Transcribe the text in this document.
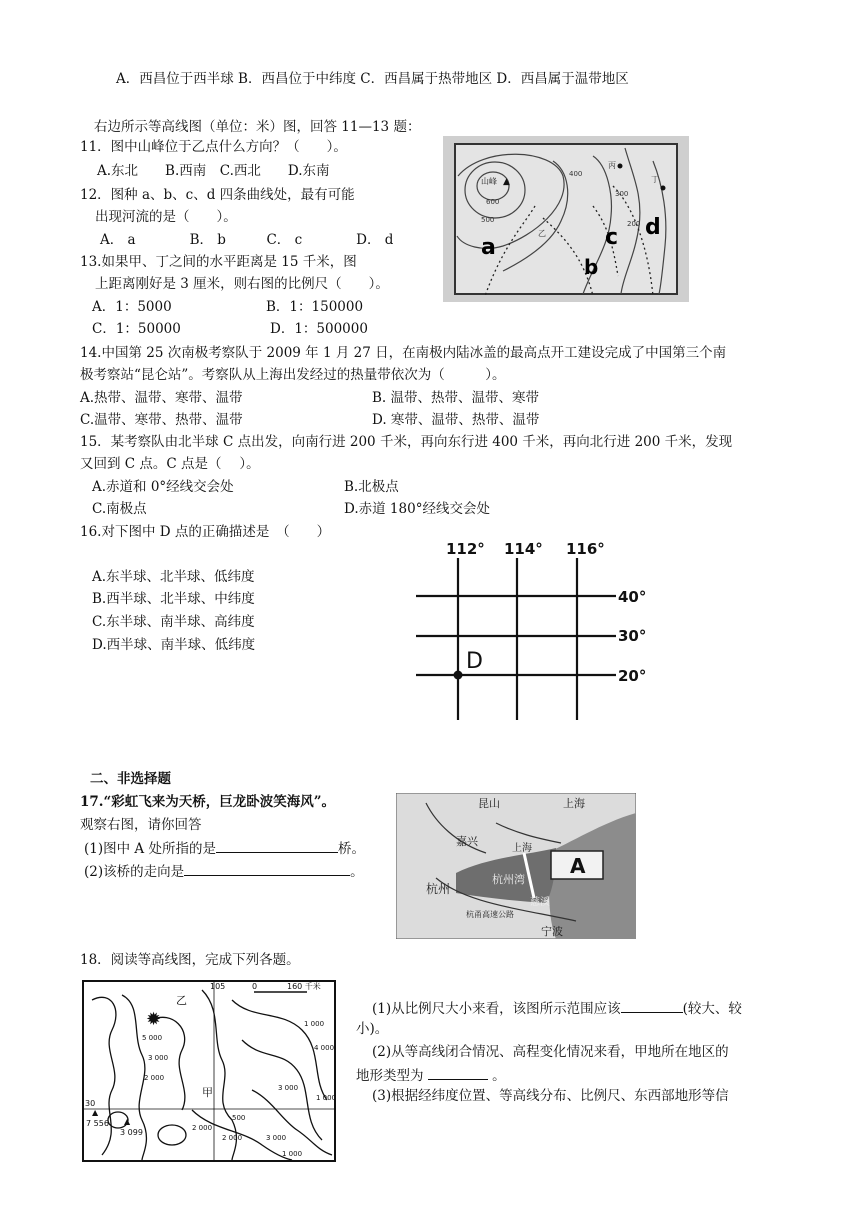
A．西昌位于西半球 B．西昌位于中纬度 C．西昌属于热带地区 D．西昌属于温带地区
右边所示等高线图（单位：米）图，回答 11—13 题：
11．图中山峰位于乙点什么方向？（　　）。
A.东北　　B.西南　C.西北　　D.东南
12．图种 a、b、c、d 四条曲线处，最有可能
出现河流的是（　　）。
A． a　　　　B． b　　　C． c　　　　D． d
13.如果甲、丁之间的水平距离是 15 千米，图
上距离刚好是 3 厘米，则右图的比例尺（　　）。
A．1：5000	B．1：150000
C．1：50000	D．1：500000
山峰 ▲
600
500
400
300
200
丙
丁
乙
a
b
c d
14.中国第 25 次南极考察队于 2009 年 1 月 27 日，在南极内陆冰盖的最高点开工建设完成了中国第三个南
极考察站“昆仑站”。考察队从上海出发经过的热量带依次为（　　　）。
A.热带、温带、寒带、温带	B. 温带、热带、温带、寒带
C.温带、寒带、热带、温带	D. 寒带、温带、热带、温带
15．某考察队由北半球 C 点出发，向南行进 200 千米，再向东行进 400 千米，再向北行进 200 千米，发现
又回到 C 点。C 点是（　 ）。
A.赤道和 0°经线交会处	B.北极点
C.南极点	D.赤道 180°经线交会处
16.对下图中 D 点的正确描述是　（　　）
A.东半球、北半球、低纬度
B.西半球、北半球、中纬度
C.东半球、南半球、高纬度
D.西半球、南半球、低纬度
112° 114° 116°
40°
30°
20°
D
二、非选择题
17.“彩虹飞来为天桥，巨龙卧波笑海风”。
观察右图，请你回答
(1)图中 A 处所指的是	桥。
(2)该桥的走向是	。	A
昆山	上海
嘉兴
上海
杭州
杭州湾
慈溪
杭甬高速公路
宁波
18．阅读等高线图，完成下列各题。
(1)从比例尺大小来看，该图所示范围应该	(较大、较
小)。
(2)从等高线闭合情况、高程变化情况来看，甲地所在地区的
地形类型为	。
(3)根据经纬度位置、等高线分布、比例尺、东西部地形等信
105	0	160 千米
30
甲
乙
✹
▲
7 556 ▲
3 099
1 000
4 000
5 000
3 000
2 000
1 000
500
2 000
3 000
2 000
3 000
1 000
